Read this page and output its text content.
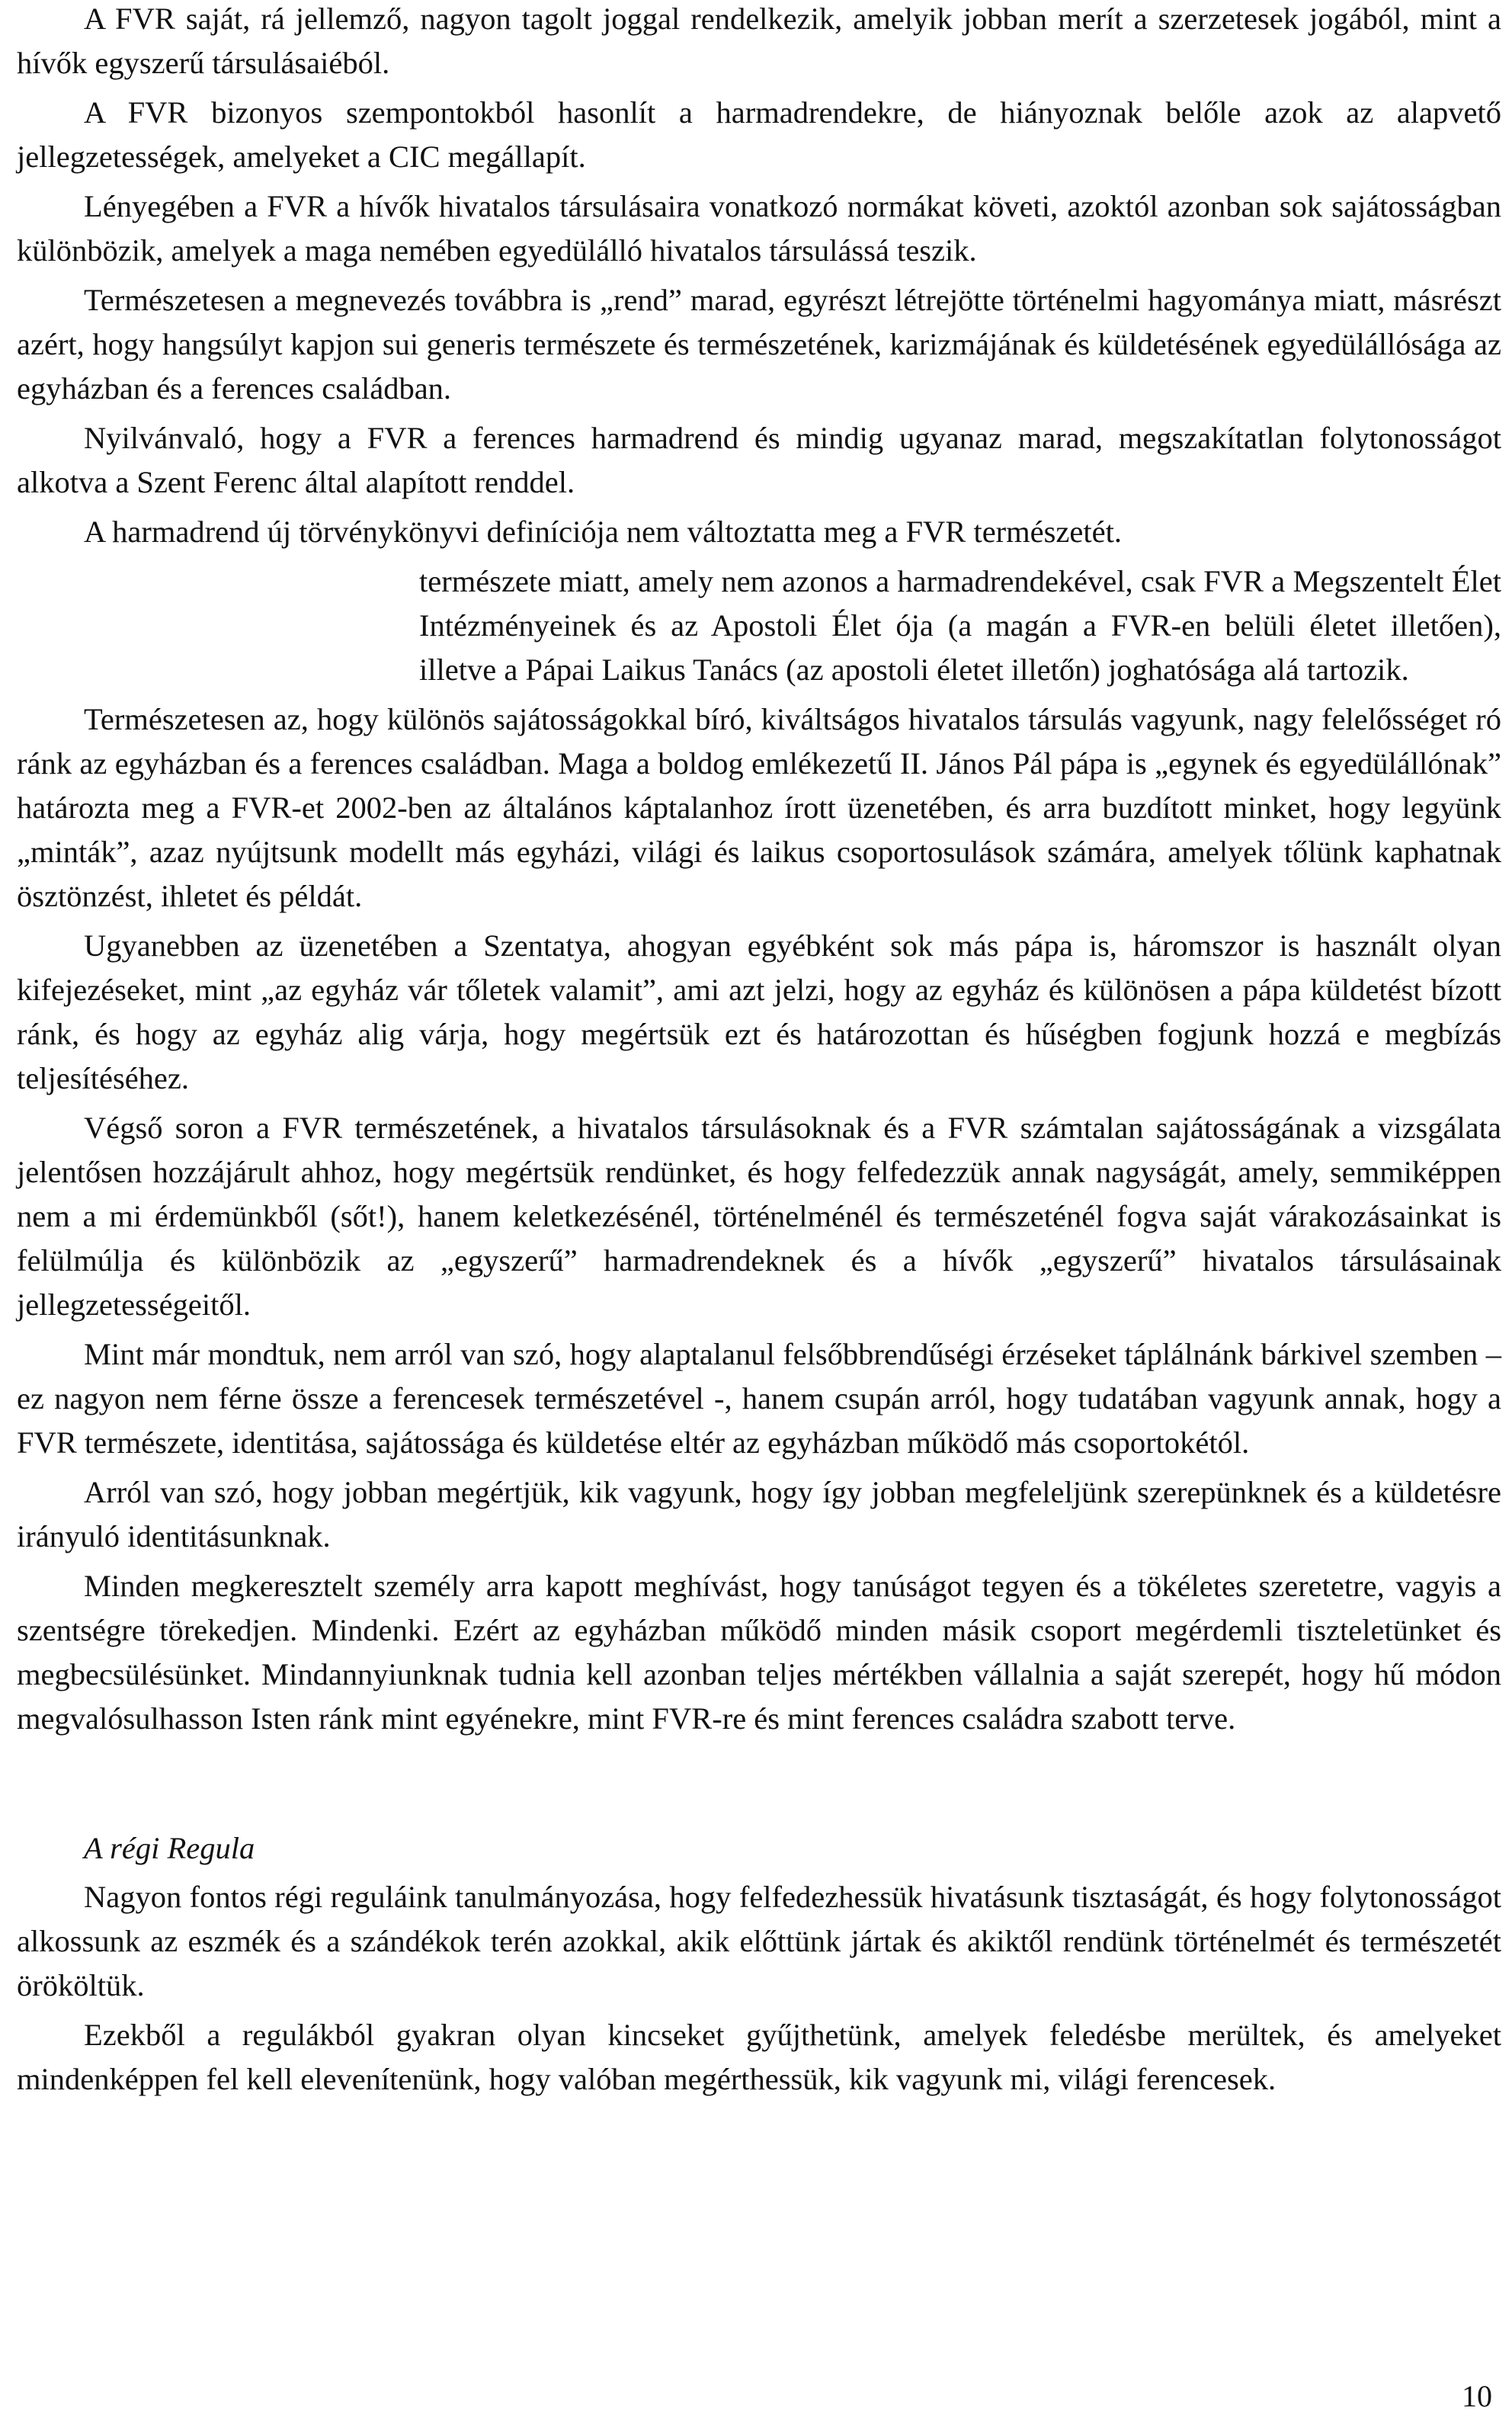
A FVR saját, rá jellemző, nagyon tagolt joggal rendelkezik, amelyik jobban merít a szerzetesek jogából, mint a hívők egyszerű társulásaiéból.

A FVR bizonyos szempontokból hasonlít a harmadrendekre, de hiányoznak belőle azok az alapvető jellegzetességek, amelyeket a CIC megállapít.

Lényegében a FVR a hívők hivatalos társulásaira vonatkozó normákat követi, azoktól azonban sok sajátosságban különbözik, amelyek a maga nemében egyedülálló hivatalos társulássá teszik.

Természetesen a megnevezés továbbra is „rend” marad, egyrészt létrejötte történelmi hagyománya miatt, másrészt azért, hogy hangsúlyt kapjon sui generis természete és természetének, karizmájának és küldetésének egyedülállósága az egyházban és a ferences családban.

Nyilvánvaló, hogy a FVR a ferences harmadrend és mindig ugyanaz marad, megszakítatlan folytonosságot alkotva a Szent Ferenc által alapított renddel.

A harmadrend új törvénykönyvi definíciója nem változtatta meg a FVR természetét.

természete miatt, amely nem azonos a harmadrendekével, csak FVR a Megszentelt Élet Intézményeinek és az Apostoli Élet ója (a magán a FVR-en belüli életet illetően), illetve a Pápai Laikus Tanács (az apostoli életet illetőn) joghatósága alá tartozik.

Természetesen az, hogy különös sajátosságokkal bíró, kiváltságos hivatalos társulás vagyunk, nagy felelősséget ró ránk az egyházban és a ferences családban. Maga a boldog emlékezetű II. János Pál pápa is „egynek és egyedülállónak” határozta meg a FVR-et 2002-ben az általános káptalanhoz írott üzenetében, és arra buzdított minket, hogy legyünk „minták”, azaz nyújtsunk modellt más egyházi, világi és laikus csoportosulások számára, amelyek tőlünk kaphatnak ösztönzést, ihletet és példát.

Ugyanebben az üzenetében a Szentatya, ahogyan egyébként sok más pápa is, háromszor is használt olyan kifejezéseket, mint „az egyház vár tőletek valamit”, ami azt jelzi, hogy az egyház és különösen a pápa küldetést bízott ránk, és hogy az egyház alig várja, hogy megértsük ezt és határozottan és hűségben fogjunk hozzá e megbízás teljesítéséhez.

Végső soron a FVR természetének, a hivatalos társulásoknak és a FVR számtalan sajátosságának a vizsgálata jelentősen hozzájárult ahhoz, hogy megértsük rendünket, és hogy felfedezzük annak nagyságát, amely, semmiképpen nem a mi érdemünkből (sőt!), hanem keletkezésénél, történelménél és természeténél fogva saját várakozásainkat is felülmúlja és különbözik az „egyszerű” harmadrendeknek és a hívők „egyszerű” hivatalos társulásainak jellegzetességeitől.

Mint már mondtuk, nem arról van szó, hogy alaptalanul felsőbbrendűségi érzéseket táplálnánk bárkivel szemben – ez nagyon nem férne össze a ferencesek természetével -, hanem csupán arról, hogy tudatában vagyunk annak, hogy a FVR természete, identitása, sajátossága és küldetése eltér az egyházban működő más csoportokétól.

Arról van szó, hogy jobban megértjük, kik vagyunk, hogy így jobban megfeleljünk szerepünknek és a küldetésre irányuló identitásunknak.

Minden megkeresztelt személy arra kapott meghívást, hogy tanúságot tegyen és a tökéletes szeretetre, vagyis a szentségre törekedjen. Mindenki. Ezért az egyházban működő minden másik csoport megérdemli tiszteletünket és megbecsülésünket. Mindannyiunknak tudnia kell azonban teljes mértékben vállalnia a saját szerepét, hogy hű módon megvalósulhasson Isten ránk mint egyénekre, mint FVR-re és mint ferences családra szabott terve.

A régi Regula

Nagyon fontos régi reguláink tanulmányozása, hogy felfedezhessük hivatásunk tisztaságát, és hogy folytonosságot alkossunk az eszmék és a szándékok terén azokkal, akik előttünk jártak és akiktől rendünk történelmét és természetét örököltük.

Ezekből a regulákból gyakran olyan kincseket gyűjthetünk, amelyek feledésbe merültek, és amelyeket mindenképpen fel kell elevenítenünk, hogy valóban megérthessük, kik vagyunk mi, világi ferencesek.

10
